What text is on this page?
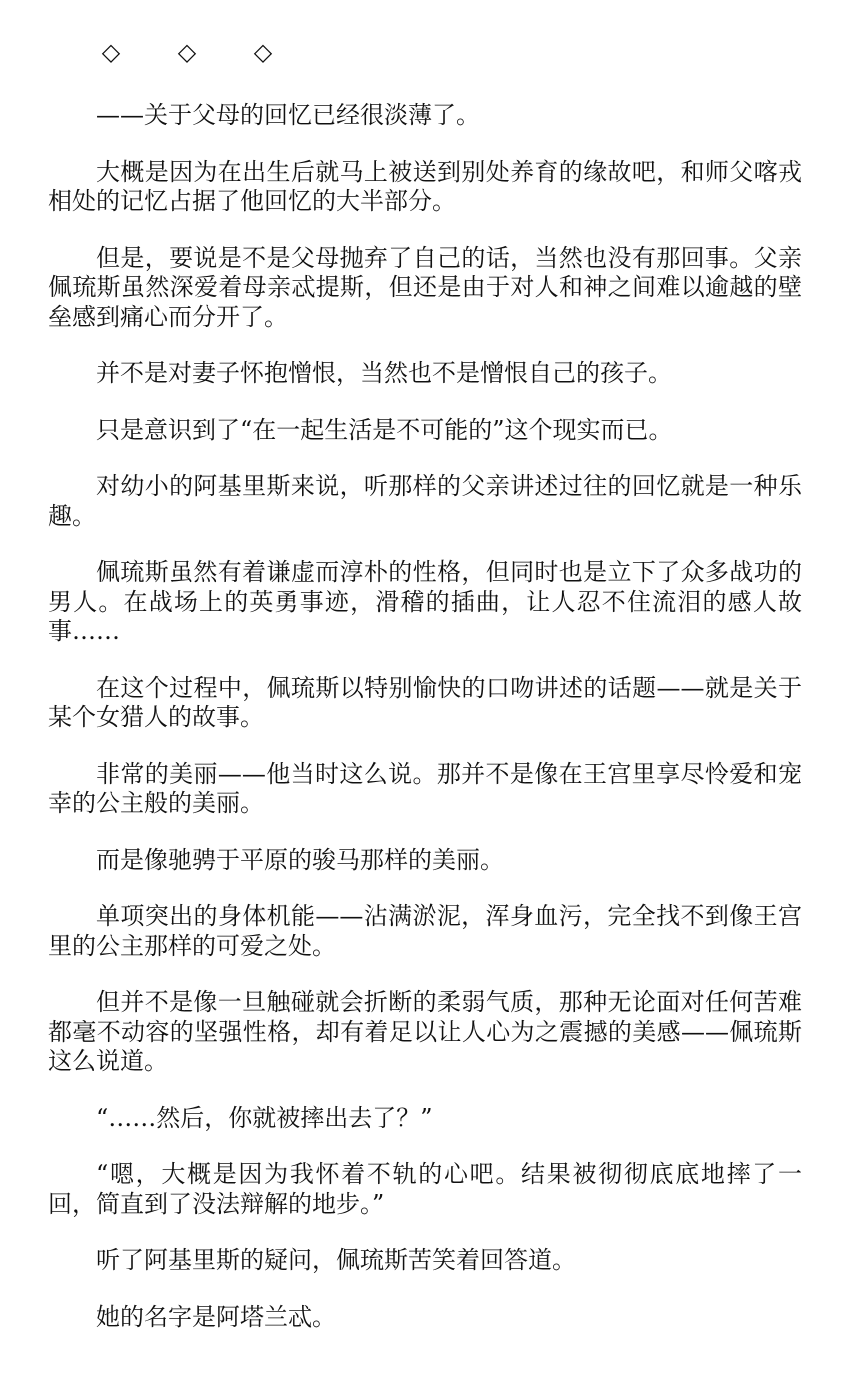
◇ ◇ ◇

——关于父母的回忆已经很淡薄了。

大概是因为在出生后就马上被送到别处养育的缘故吧，和师父喀戎相处的记忆占据了他回忆的大半部分。

但是，要说是不是父母抛弃了自己的话，当然也没有那回事。父亲佩琉斯虽然深爱着母亲忒提斯，但还是由于对人和神之间难以逾越的壁垒感到痛心而分开了。

并不是对妻子怀抱憎恨，当然也不是憎恨自己的孩子。

只是意识到了“在一起生活是不可能的”这个现实而已。

对幼小的阿基里斯来说，听那样的父亲讲述过往的回忆就是一种乐趣。

佩琉斯虽然有着谦虚而淳朴的性格，但同时也是立下了众多战功的男人。在战场上的英勇事迹，滑稽的插曲，让人忍不住流泪的感人故事……

在这个过程中，佩琉斯以特别愉快的口吻讲述的话题——就是关于某个女猎人的故事。

非常的美丽——他当时这么说。那并不是像在王宫里享尽怜爱和宠幸的公主般的美丽。

而是像驰骋于平原的骏马那样的美丽。

单项突出的身体机能——沾满淤泥，浑身血污，完全找不到像王宫里的公主那样的可爱之处。

但并不是像一旦触碰就会折断的柔弱气质，那种无论面对任何苦难都毫不动容的坚强性格，却有着足以让人心为之震撼的美感——佩琉斯这么说道。

“……然后，你就被摔出去了？”

“嗯，大概是因为我怀着不轨的心吧。结果被彻彻底底地摔了一回，简直到了没法辩解的地步。”

听了阿基里斯的疑问，佩琉斯苦笑着回答道。

她的名字是阿塔兰忒。
